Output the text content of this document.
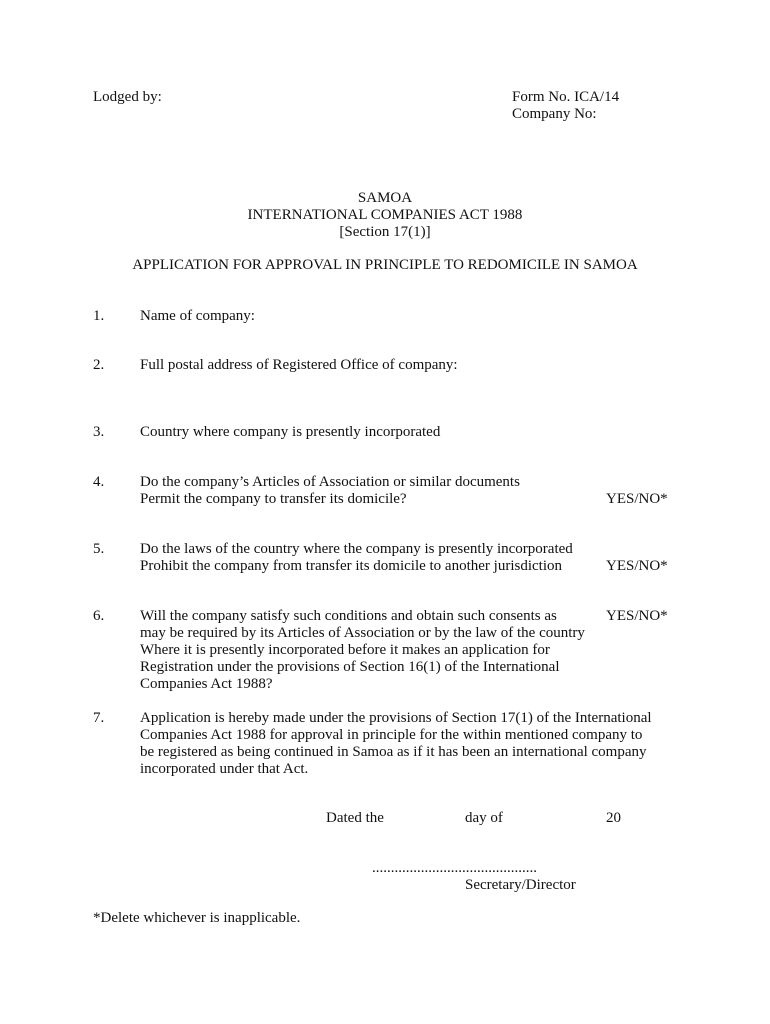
Lodged by:	Form No. ICA/14
Company No:
SAMOA
INTERNATIONAL COMPANIES ACT 1988
[Section 17(1)]
APPLICATION FOR APPROVAL IN PRINCIPLE TO REDOMICILE IN SAMOA
1. Name of company:
2. Full postal address of Registered Office of company:
3. Country where company is presently incorporated
4. Do the company’s Articles of Association or similar documents
Permit the company to transfer its domicile?	YES/NO*
5. Do the laws of the country where the company is presently incorporated
Prohibit the company from transfer its domicile to another jurisdiction	YES/NO*
6. Will the company satisfy such conditions and obtain such consents as
may be required by its Articles of Association or by the law of the country
Where it is presently incorporated before it makes an application for
Registration under the provisions of Section 16(1) of the International
Companies Act 1988?
YES/NO*
7. Application is hereby made under the provisions of Section 17(1) of the International
Companies Act 1988 for approval in principle for the within mentioned company to
be registered as being continued in Samoa as if it has been an international company
incorporated under that Act.
Dated the	day of	20
............................................
Secretary/Director
*Delete whichever is inapplicable.
